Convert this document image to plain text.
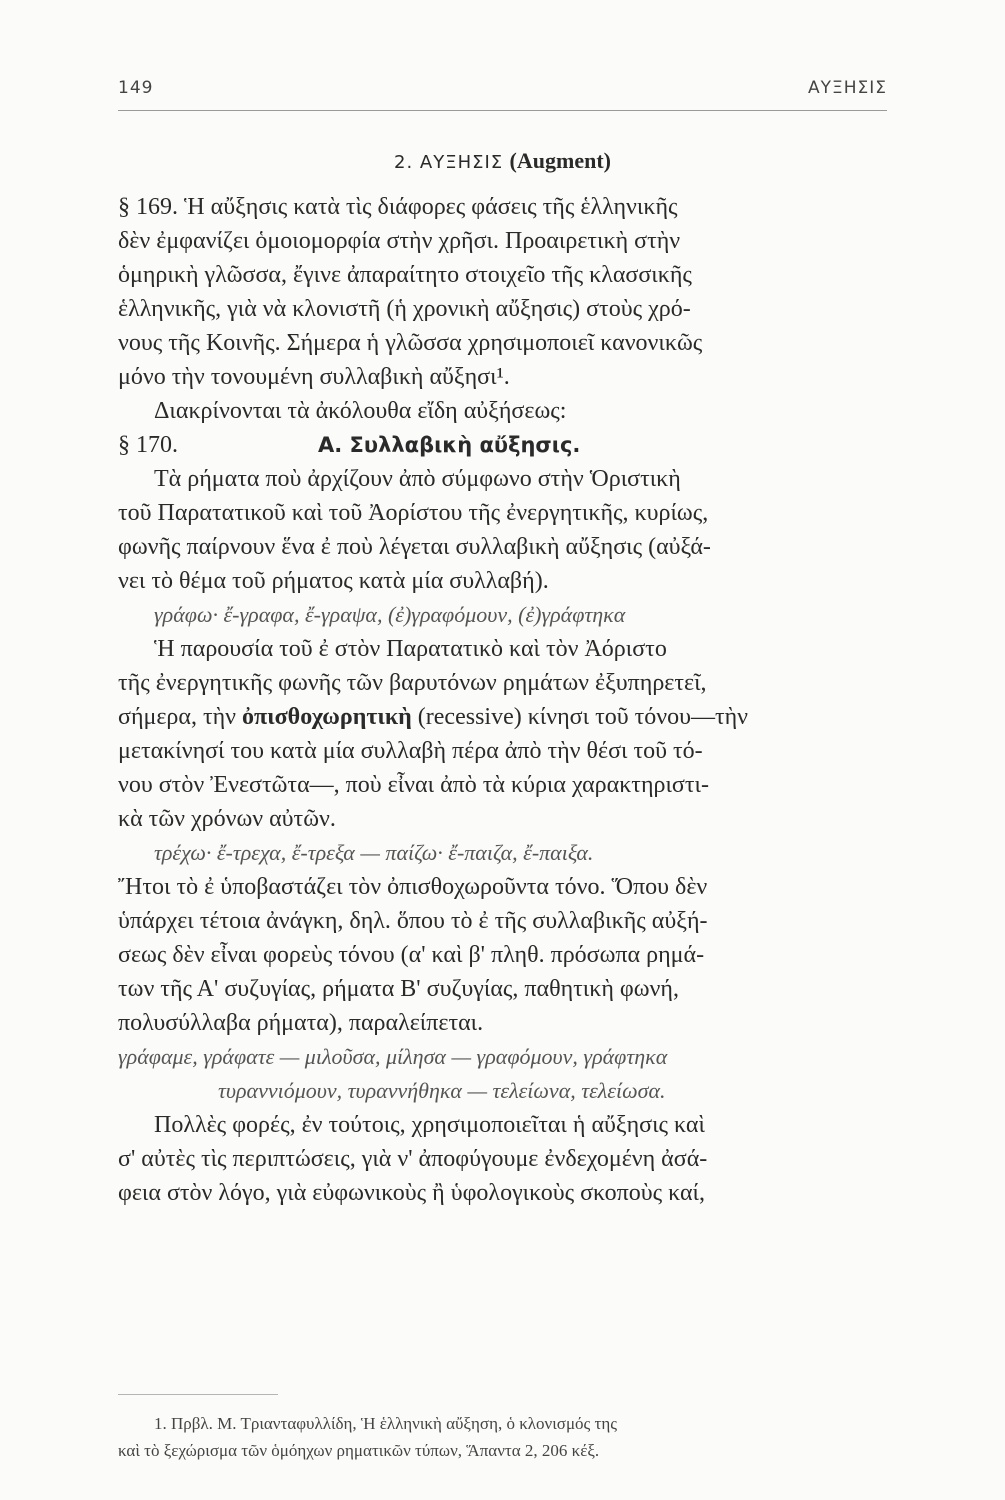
149	ΑΥΞΗΣΙΣ
2. ΑΥΞΗΣΙΣ (Augment)
§ 169. Ἡ αὔξησις κατὰ τὶς διάφορες φάσεις τῆς ἑλληνικῆς
δὲν ἐμφανίζει ὁμοιομορφία στὴν χρῆσι. Προαιρετικὴ στὴν
ὁμηρικὴ γλῶσσα, ἔγινε ἀπαραίτητο στοιχεῖο τῆς κλασσικῆς
ἑλληνικῆς, γιὰ νὰ κλονιστῆ (ἡ χρονικὴ αὔξησις) στοὺς χρό-
νους τῆς Κοινῆς. Σήμερα ἡ γλῶσσα χρησιμοποιεῖ κανονικῶς
μόνο τὴν τονουμένη συλλαβικὴ αὔξησι¹.
Διακρίνονται τὰ ἀκόλουθα εἴδη αὐξήσεως:
§ 170.	Α. Συλλαβικὴ αὔξησις.
Τὰ ρήματα ποὺ ἀρχίζουν ἀπὸ σύμφωνο στὴν Ὁριστικὴ
τοῦ Παρατατικοῦ καὶ τοῦ Ἀορίστου τῆς ἐνεργητικῆς, κυρίως,
φωνῆς παίρνουν ἕνα ἐ ποὺ λέγεται συλλαβικὴ αὔξησις (αὐξά-
νει τὸ θέμα τοῦ ρήματος κατὰ μία συλλαβή).
γράφω· ἔ-γραφα, ἔ-γραψα, (ἐ)γραφόμουν, (ἐ)γράφτηκα
Ἡ παρουσία τοῦ ἐ στὸν Παρατατικὸ καὶ τὸν Ἀόριστο
τῆς ἐνεργητικῆς φωνῆς τῶν βαρυτόνων ρημάτων ἐξυπηρετεῖ,
σήμερα, τὴν ὀπισθοχωρητικὴ (recessive) κίνησι τοῦ τόνου—τὴν
μετακίνησί του κατὰ μία συλλαβὴ πέρα ἀπὸ τὴν θέσι τοῦ τό-
νου στὸν Ἐνεστῶτα—, ποὺ εἶναι ἀπὸ τὰ κύρια χαρακτηριστι-
κὰ τῶν χρόνων αὐτῶν.
τρέχω· ἔ-τρεχα, ἔ-τρεξα — παίζω· ἔ-παιζα, ἔ-παιξα.
Ἤτοι τὸ ἐ ὑποβαστάζει τὸν ὀπισθοχωροῦντα τόνο. Ὅπου δὲν
ὑπάρχει τέτοια ἀνάγκη, δηλ. ὅπου τὸ ἐ τῆς συλλαβικῆς αὐξή-
σεως δὲν εἶναι φορεὺς τόνου (α' καὶ β' πληθ. πρόσωπα ρημά-
των τῆς Α' συζυγίας, ρήματα Β' συζυγίας, παθητικὴ φωνή,
πολυσύλλαβα ρήματα), παραλείπεται.
γράφαμε, γράφατε — μιλοῦσα, μίλησα — γραφόμουν, γράφτηκα
τυραννιόμουν, τυραννήθηκα — τελείωνα, τελείωσα.
Πολλὲς φορές, ἐν τούτοις, χρησιμοποιεῖται ἡ αὔξησις καὶ
σ' αὐτὲς τὶς περιπτώσεις, γιὰ ν' ἀποφύγουμε ἐνδεχομένη ἀσά-
φεια στὸν λόγο, γιὰ εὐφωνικοὺς ἢ ὑφολογικοὺς σκοποὺς καί,
1. Πρβλ. Μ. Τριανταφυλλίδη, Ἡ ἑλληνικὴ αὔξηση, ὁ κλονισμός της
καὶ τὸ ξεχώρισμα τῶν ὁμόηχων ρηματικῶν τύπων, Ἅπαντα 2, 206 κέξ.
